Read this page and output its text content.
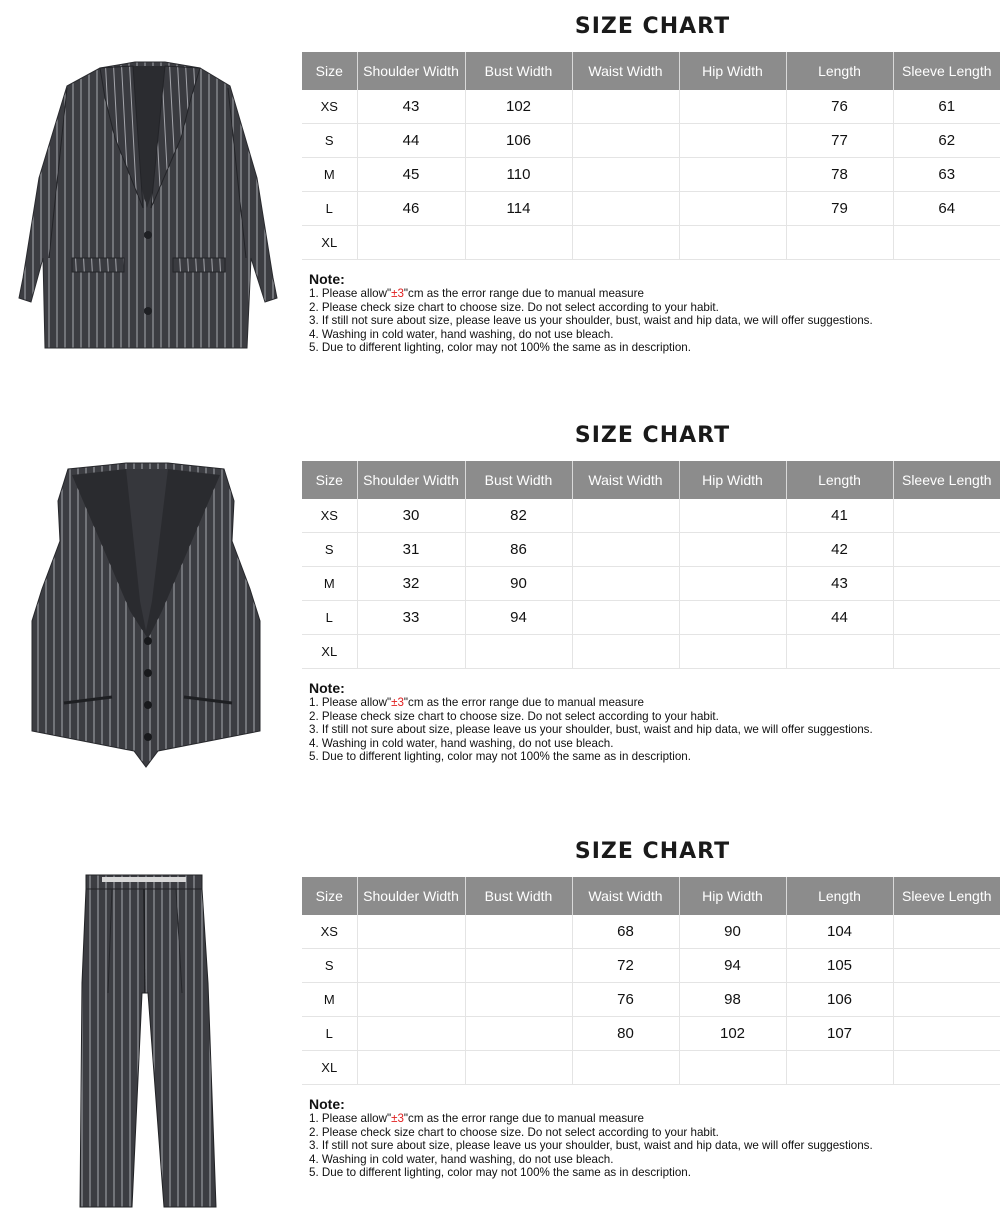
SIZE CHART
Size	Shoulder Width	Bust Width	Waist Width	Hip Width	Length	Sleeve Length
XS	43	102			76	61
S	44	106			77	62
M	45	110			78	63
L	46	114			79	64
XL						

Note:

1. Please allow"±3"cm as the error range due to manual measure

2. Please check size chart to choose size. Do not select according to your habit.

3. If still not sure about size, please leave us your shoulder, bust, waist and hip data, we will offer suggestions.

4. Washing in cold water, hand washing, do not use bleach.

5. Due to different lighting, color may not 100% the same as in description.

SIZE CHART
Size	Shoulder Width	Bust Width	Waist Width	Hip Width	Length	Sleeve Length
XS	30	82			41	
S	31	86			42	
M	32	90			43	
L	33	94			44	
XL						

Note:

1. Please allow"±3"cm as the error range due to manual measure

2. Please check size chart to choose size. Do not select according to your habit.

3. If still not sure about size, please leave us your shoulder, bust, waist and hip data, we will offer suggestions.

4. Washing in cold water, hand washing, do not use bleach.

5. Due to different lighting, color may not 100% the same as in description.

SIZE CHART
Size	Shoulder Width	Bust Width	Waist Width	Hip Width	Length	Sleeve Length
XS			68	90	104	
S			72	94	105	
M			76	98	106	
L			80	102	107	
XL						

Note:

1. Please allow"±3"cm as the error range due to manual measure

2. Please check size chart to choose size. Do not select according to your habit.

3. If still not sure about size, please leave us your shoulder, bust, waist and hip data, we will offer suggestions.

4. Washing in cold water, hand washing, do not use bleach.

5. Due to different lighting, color may not 100% the same as in description.
